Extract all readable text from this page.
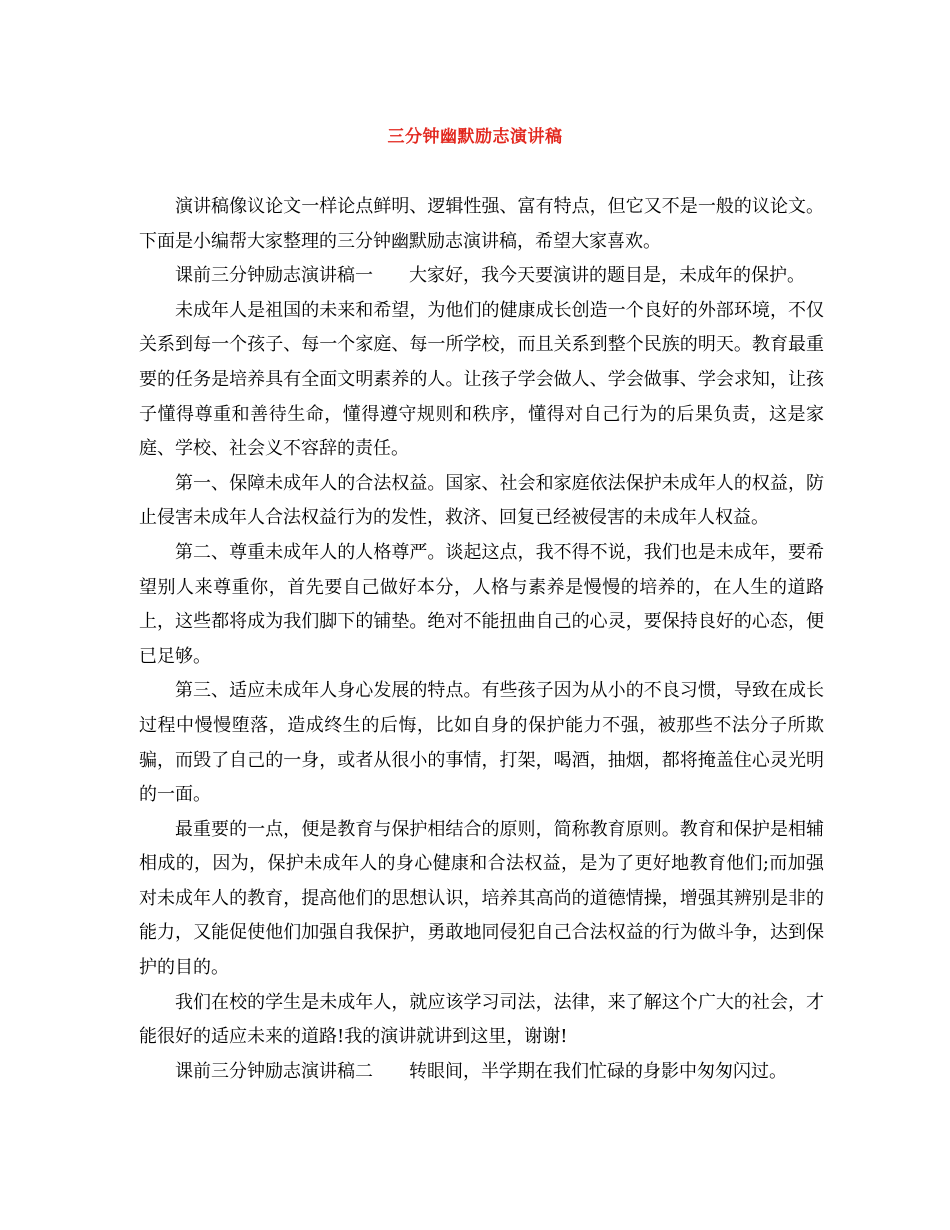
三分钟幽默励志演讲稿

演讲稿像议论文一样论点鲜明、逻辑性强、富有特点，但它又不是一般的议论文。下面是小编帮大家整理的三分钟幽默励志演讲稿，希望大家喜欢。

课前三分钟励志演讲稿一　　大家好，我今天要演讲的题目是，未成年的保护。

未成年人是祖国的未来和希望，为他们的健康成长创造一个良好的外部环境，不仅关系到每一个孩子、每一个家庭、每一所学校，而且关系到整个民族的明天。教育最重要的任务是培养具有全面文明素养的人。让孩子学会做人、学会做事、学会求知，让孩子懂得尊重和善待生命，懂得遵守规则和秩序，懂得对自己行为的后果负责，这是家庭、学校、社会义不容辞的责任。

第一、保障未成年人的合法权益。国家、社会和家庭依法保护未成年人的权益，防止侵害未成年人合法权益行为的发性，救济、回复已经被侵害的未成年人权益。

第二、尊重未成年人的人格尊严。谈起这点，我不得不说，我们也是未成年，要希望别人来尊重你，首先要自己做好本分，人格与素养是慢慢的培养的，在人生的道路上，这些都将成为我们脚下的铺垫。绝对不能扭曲自己的心灵，要保持良好的心态，便已足够。

第三、适应未成年人身心发展的特点。有些孩子因为从小的不良习惯，导致在成长过程中慢慢堕落，造成终生的后悔，比如自身的保护能力不强，被那些不法分子所欺骗，而毁了自己的一身，或者从很小的事情，打架，喝酒，抽烟，都将掩盖住心灵光明的一面。

最重要的一点，便是教育与保护相结合的原则，简称教育原则。教育和保护是相辅相成的，因为，保护未成年人的身心健康和合法权益，是为了更好地教育他们;而加强对未成年人的教育，提高他们的思想认识，培养其高尚的道德情操，增强其辨别是非的能力，又能促使他们加强自我保护，勇敢地同侵犯自己合法权益的行为做斗争，达到保护的目的。

我们在校的学生是未成年人，就应该学习司法，法律，来了解这个广大的社会，才能很好的适应未来的道路!我的演讲就讲到这里，谢谢!

课前三分钟励志演讲稿二　　转眼间，半学期在我们忙碌的身影中匆匆闪过。
